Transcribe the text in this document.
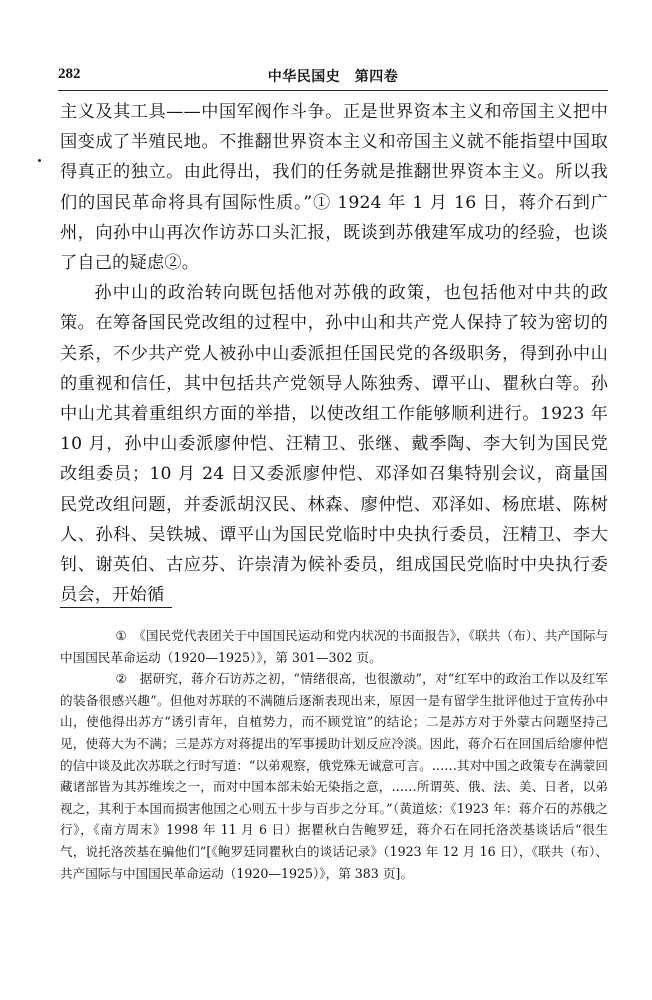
282	中华民国史　第四卷

主义及其工具——中国军阀作斗争。正是世界资本主义和帝国主义把中国变成了半殖民地。不推翻世界资本主义和帝国主义就不能指望中国取得真正的独立。由此得出，我们的任务就是推翻世界资本主义。所以我们的国民革命将具有国际性质。”① 1924 年 1 月 16 日，蒋介石到广州，向孙中山再次作访苏口头汇报，既谈到苏俄建军成功的经验，也谈了自己的疑虑②。

孙中山的政治转向既包括他对苏俄的政策，也包括他对中共的政策。在筹备国民党改组的过程中，孙中山和共产党人保持了较为密切的关系，不少共产党人被孙中山委派担任国民党的各级职务，得到孙中山的重视和信任，其中包括共产党领导人陈独秀、谭平山、瞿秋白等。孙中山尤其着重组织方面的举措，以使改组工作能够顺利进行。1923 年 10 月，孙中山委派廖仲恺、汪精卫、张继、戴季陶、李大钊为国民党改组委员；10 月 24 日又委派廖仲恺、邓泽如召集特别会议，商量国民党改组问题，并委派胡汉民、林森、廖仲恺、邓泽如、杨庶堪、陈树人、孙科、吴铁城、谭平山为国民党临时中央执行委员，汪精卫、李大钊、谢英伯、古应芬、许崇清为候补委员，组成国民党临时中央执行委员会，开始循

①　 《国民党代表团关于中国国民运动和党内状况的书面报告》，《联共（布）、共产国际与中国国民革命运动（1920—1925）》，第 301—302 页。

②　 据研究，蒋介石访苏之初，“情绪很高，也很激动”，对“红军中的政治工作以及红军的装备很感兴趣”。但他对苏联的不满随后逐渐表现出来，原因一是有留学生批评他过于宣传孙中山，使他得出苏方“诱引青年，自植势力，而不顾党谊”的结论；二是苏方对于外蒙古问题坚持己见，使蒋大为不满；三是苏方对蒋提出的军事援助计划反应冷淡。因此，蒋介石在回国后给廖仲恺的信中谈及此次苏联之行时写道：“以弟观察，俄党殊无诚意可言。……其对中国之政策专在满蒙回藏诸部皆为其苏维埃之一，而对中国本部未始无染指之意，……所谓英、俄、法、美、日者，以弟视之，其利于本国而损害他国之心则五十步与百步之分耳。”（黄道炫：《1923 年：蒋介石的苏俄之行》，《南方周末》1998 年 11 月 6 日）据瞿秋白告鲍罗廷，蒋介石在同托洛茨基谈话后“很生气，说托洛茨基在骗他们”[《鲍罗廷同瞿秋白的谈话记录》（1923 年 12 月 16 日），《联共（布）、共产国际与中国国民革命运动（1920—1925）》，第 383 页]。
